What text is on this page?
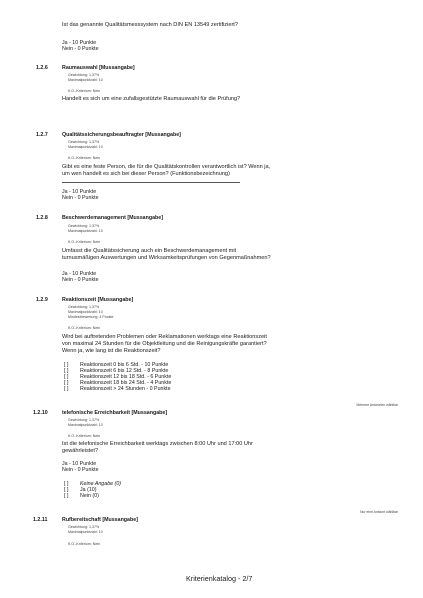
Ist das genannte Qualitätsmesssystem nach DIN EN 13549 zertifiziert?
Ja - 10 Punkte
Nein - 0 Punkte
1.2.6	Raumauswahl [Mussangabe]
Gewichtung: 1,37%
Maximalpunktzahl: 10
K.O.-Kriterium: Nein
Handelt es sich um eine zufallsgestützte Raumauswahl für die Prüfung?
1.2.7	Qualitätssicherungsbeauftragter [Mussangabe]
Gewichtung: 1,37%
Maximalpunktzahl: 10
K.O.-Kriterium: Nein
Gibt es eine feste Person, die für die Qualitätskontrollen verantwortlich ist? Wenn ja,
um wen handelt es sich bei dieser Person? (Funktionsbezeichnung)
Ja - 10 Punkte
Nein - 0 Punkte
1.2.8	Beschwerdemanagement [Mussangabe]
Gewichtung: 1,37%
Maximalpunktzahl: 10
K.O.-Kriterium: Nein
Umfasst die Qualitätssicherung auch ein Beschwerdemanagement mit
turnusmäßigen Auswertungen und Wirksamkeitsprüfungen von Gegenmaßnahmen?
Ja - 10 Punkte
Nein - 0 Punkte
1.2.9	Reaktionszeit [Mussangabe]
Gewichtung: 1,37%
Maximalpunktzahl: 10
Mindestbewertung: 4 Punkte
K.O.-Kriterium: Nein
Wird bei auftretenden Problemen oder Reklamationen werktags eine Reaktionszeit
von maximal 24 Stunden für die Objektleitung und die Reinigungskräfte garantiert?
Wenn ja, wie lang ist die Reaktionszeit?
[ ] Reaktionszeit 0 bis 6 Std. - 10 Punkte
[ ] Reaktionszeit 6 bis 12 Std. - 8 Punkte
[ ] Reaktionszeit 12 bis 18 Std. - 6 Punkte
[ ] Reaktionszeit 18 bis 24 Std. - 4 Punkte
[ ] Reaktionszeit > 24 Stunden - 0 Punkte
Mehrere Antworten wählbar
1.2.10	telefonische Erreichbarkeit [Mussangabe]
Gewichtung: 1,37%
Maximalpunktzahl: 10
K.O.-Kriterium: Nein
Ist die telefonische Erreichbarkeit werktags zwischen 8:00 Uhr und 17:00 Uhr
gewährleistet?
Ja - 10 Punkte
Nein - 0 Punkte
[ ] Keine Angabe (0)
[ ] Ja (10)
[ ] Nein (0)
Nur eine Antwort wählbar
1.2.11	Rufbereitschaft [Mussangabe]
Gewichtung: 1,37%
Maximalpunktzahl: 10
K.O.-Kriterium: Nein
Kriterienkatalog - 2/7
